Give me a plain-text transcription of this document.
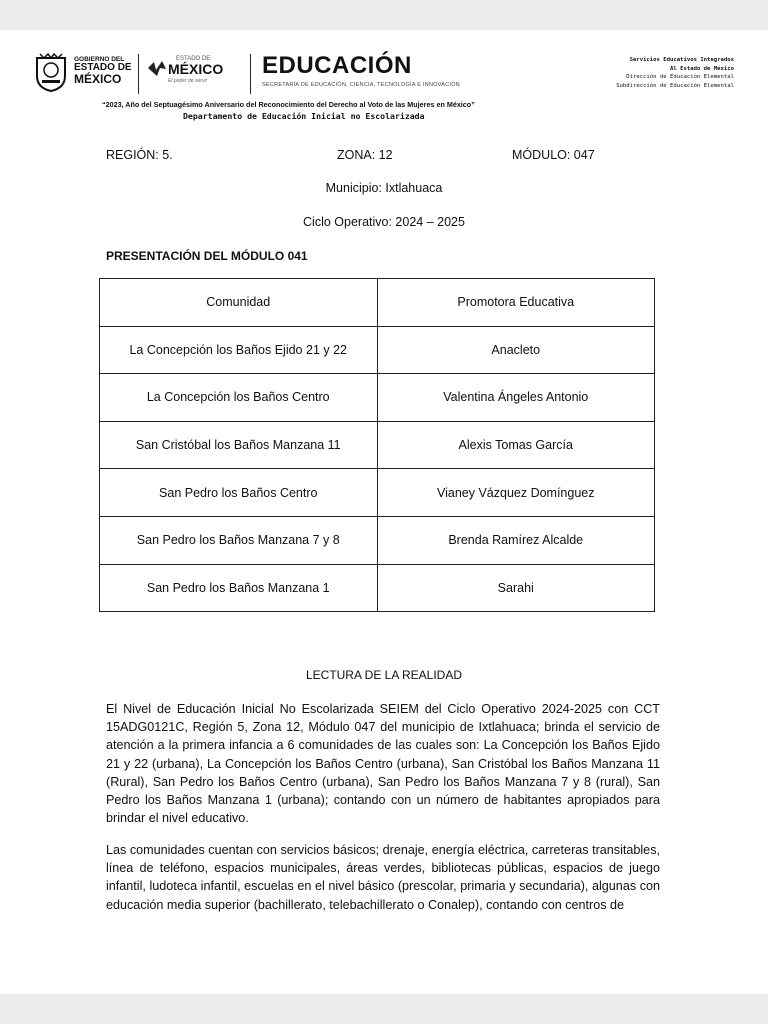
GOBIERNO DEL
ESTADO DE
MÉXICO
ESTADO DE
MÉXICO
El poder de servir
EDUCACIÓN
SECRETARÍA DE EDUCACIÓN, CIENCIA, TECNOLOGÍA E INNOVACIÓN
Servicios Educativos Integrados
Al Estado de México
Dirección de Educación Elemental
Subdirección de Educación Elemental
“2023, Año del Septuagésimo Aniversario del Reconocimiento del Derecho al Voto de las Mujeres en México”
Departamento de Educación Inicial no Escolarizada
REGIÓN: 5.	ZONA: 12	MÓDULO: 047
Municipio: Ixtlahuaca
Ciclo Operativo: 2024 – 2025
PRESENTACIÓN DEL MÓDULO 041
Comunidad	Promotora Educativa
La Concepción los Baños Ejido 21 y 22	Anacleto
La Concepción los Baños Centro	Valentina Ángeles Antonio
San Cristóbal los Baños Manzana 11	Alexis Tomas García
San Pedro los Baños Centro	Vianey Vázquez Domínguez
San Pedro los Baños Manzana 7 y 8	Brenda Ramírez Alcalde
San Pedro los Baños Manzana 1	Sarahi
LECTURA DE LA REALIDAD
El Nivel de Educación Inicial No Escolarizada SEIEM del Ciclo Operativo 2024-2025 con CCT 15ADG0121C, Región 5, Zona 12, Módulo 047 del municipio de Ixtlahuaca; brinda el servicio de atención a la primera infancia a 6 comunidades de las cuales son: La Concepción los Baños Ejido 21 y 22 (urbana), La Concepción los Baños Centro (urbana), San Cristóbal los Baños Manzana 11 (Rural), San Pedro los Baños Centro (urbana), San Pedro los Baños Manzana 7 y 8 (rural), San Pedro los Baños Manzana 1 (urbana); contando con un número de habitantes apropiados para brindar el nivel educativo.
Las comunidades cuentan con servicios básicos; drenaje, energía eléctrica, carreteras transitables, línea de teléfono, espacios municipales, áreas verdes, bibliotecas públicas, espacios de juego infantil, ludoteca infantil, escuelas en el nivel básico (prescolar, primaria y secundaria), algunas con educación media superior (bachillerato, telebachillerato o Conalep), contando con centros de
